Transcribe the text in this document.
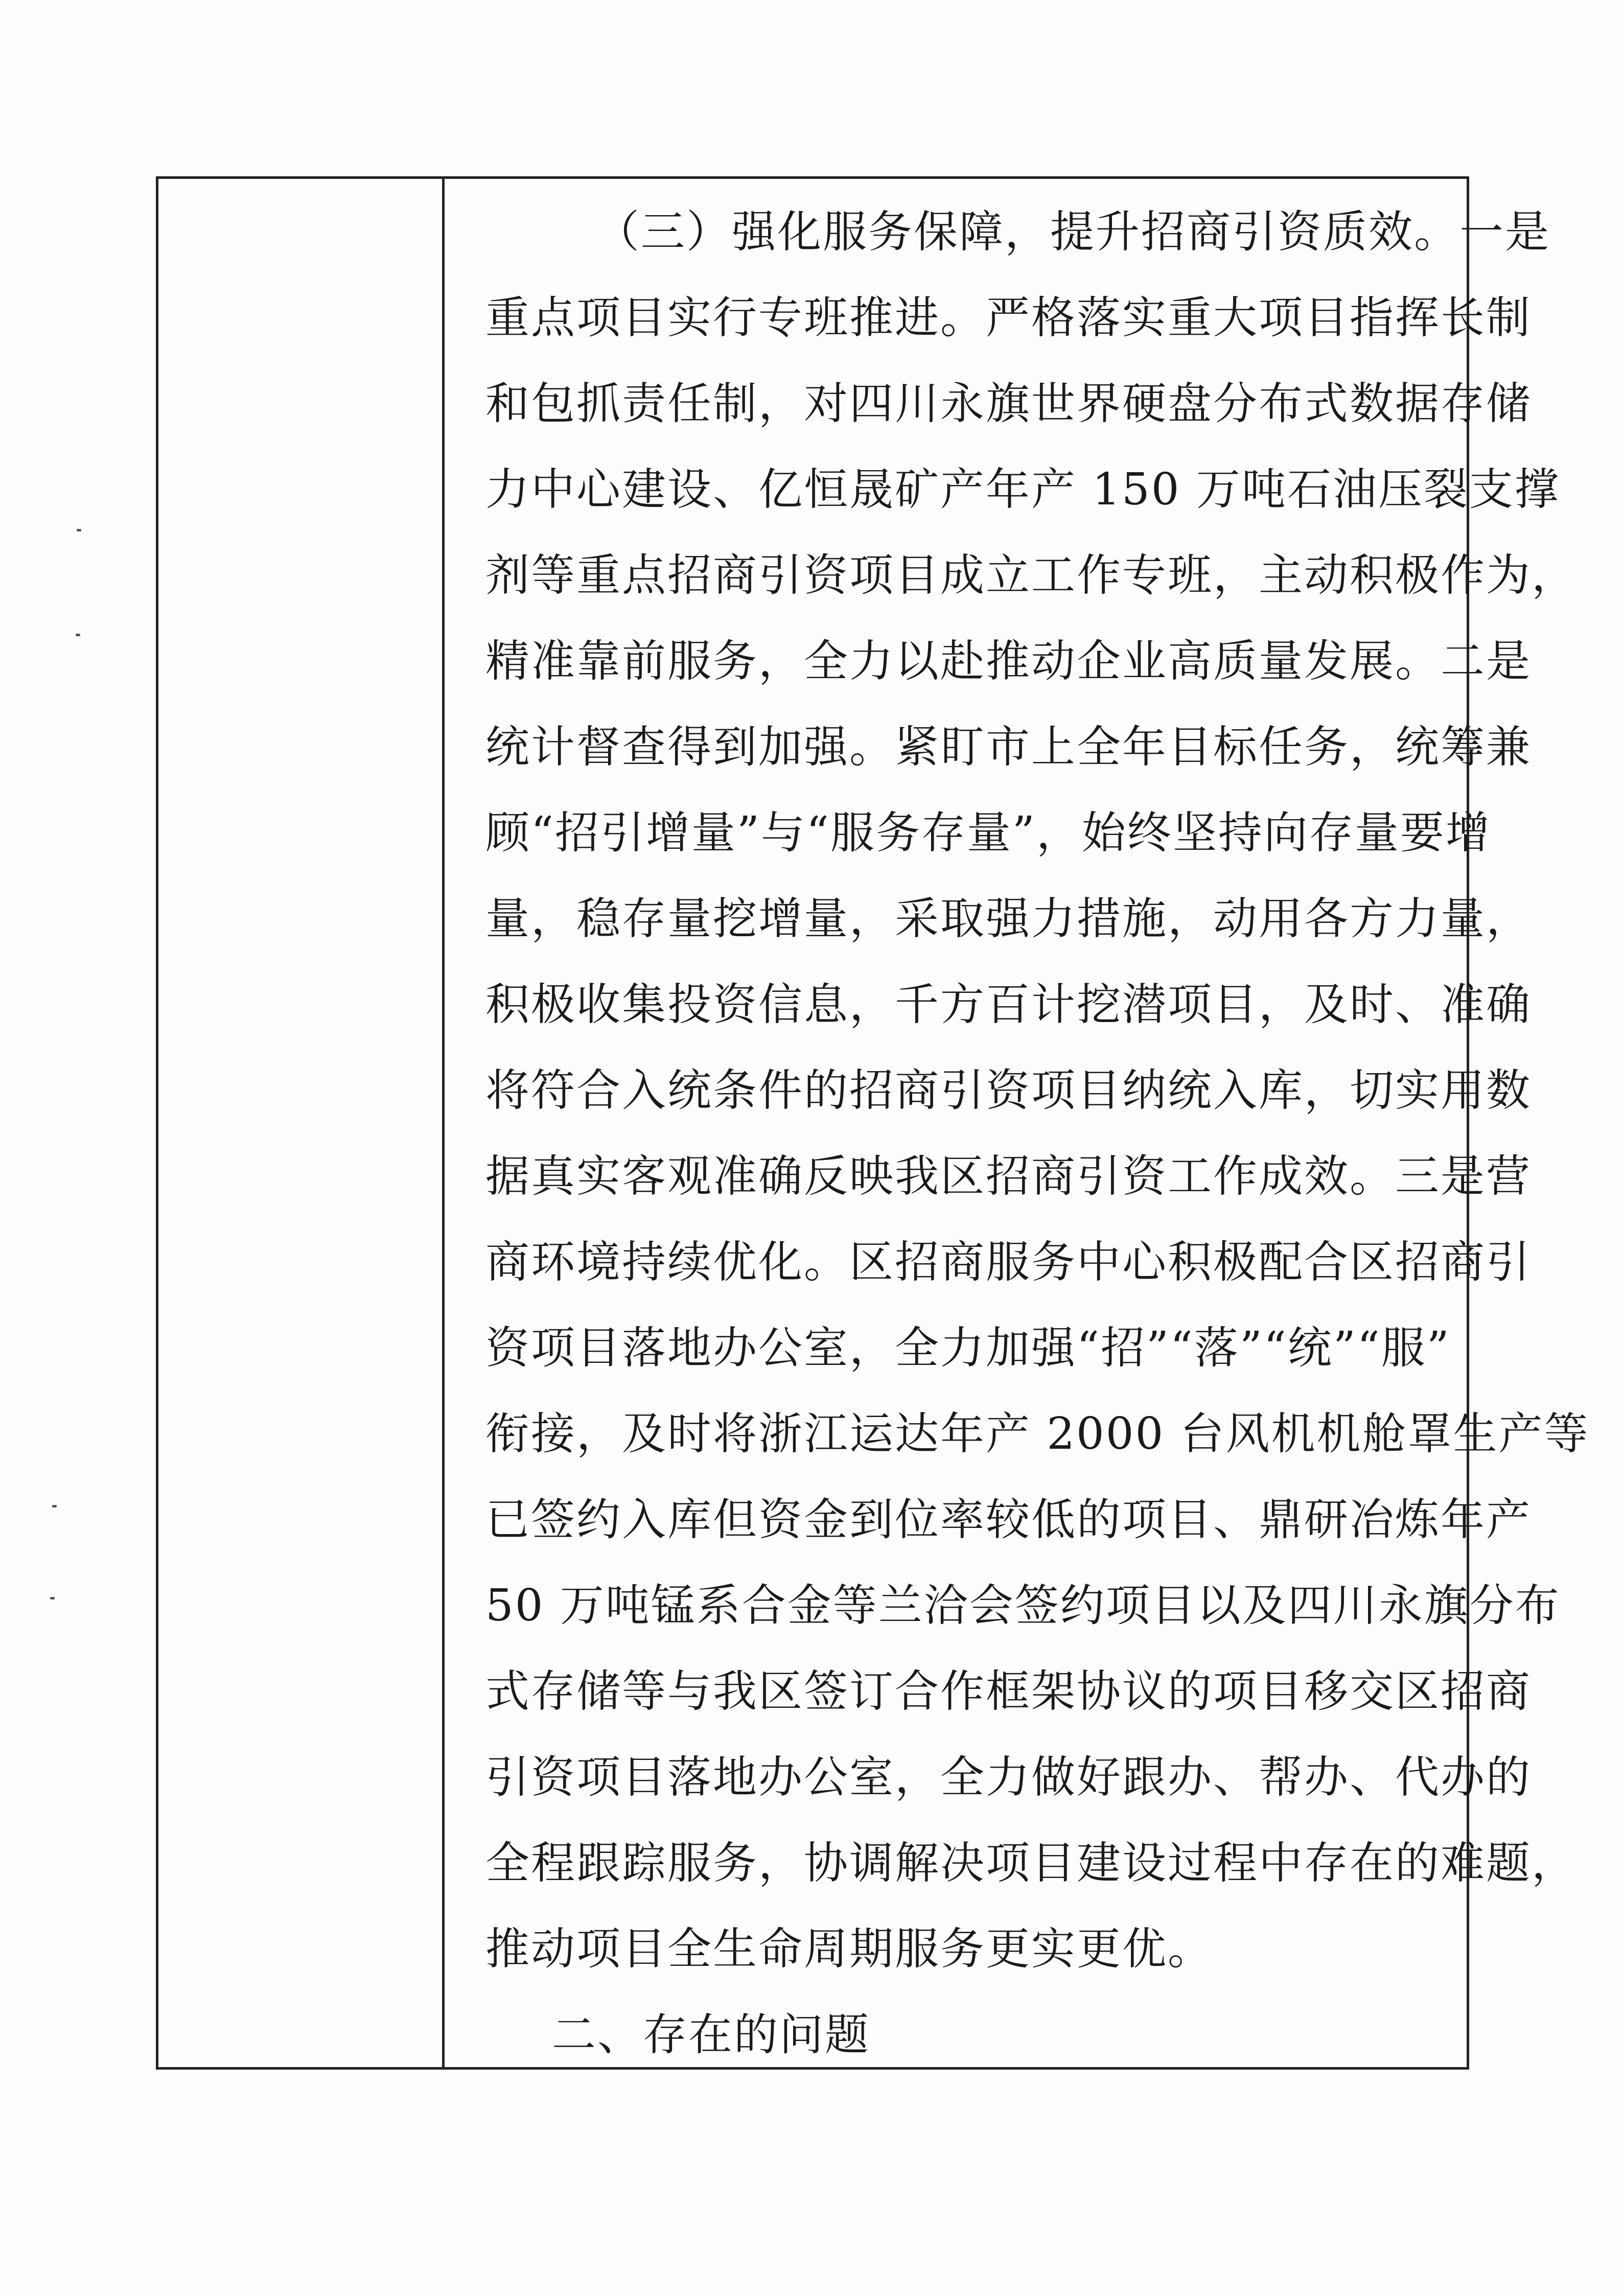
（三）强化服务保障，提升招商引资质效。一是
重点项目实行专班推进。严格落实重大项目指挥长制
和包抓责任制，对四川永旗世界硬盘分布式数据存储
力中心建设、亿恒晟矿产年产 150 万吨石油压裂支撑
剂等重点招商引资项目成立工作专班，主动积极作为，
精准靠前服务，全力以赴推动企业高质量发展。二是
统计督查得到加强。紧盯市上全年目标任务，统筹兼
顾“招引增量”与“服务存量”，始终坚持向存量要增
量，稳存量挖增量，采取强力措施，动用各方力量，
积极收集投资信息，千方百计挖潜项目，及时、准确
将符合入统条件的招商引资项目纳统入库，切实用数
据真实客观准确反映我区招商引资工作成效。三是营
商环境持续优化。区招商服务中心积极配合区招商引
资项目落地办公室，全力加强“招”“落”“统”“服”
衔接，及时将浙江运达年产 2000 台风机机舱罩生产等
已签约入库但资金到位率较低的项目、鼎研冶炼年产
50 万吨锰系合金等兰洽会签约项目以及四川永旗分布
式存储等与我区签订合作框架协议的项目移交区招商
引资项目落地办公室，全力做好跟办、帮办、代办的
全程跟踪服务，协调解决项目建设过程中存在的难题，
推动项目全生命周期服务更实更优。
二、存在的问题
